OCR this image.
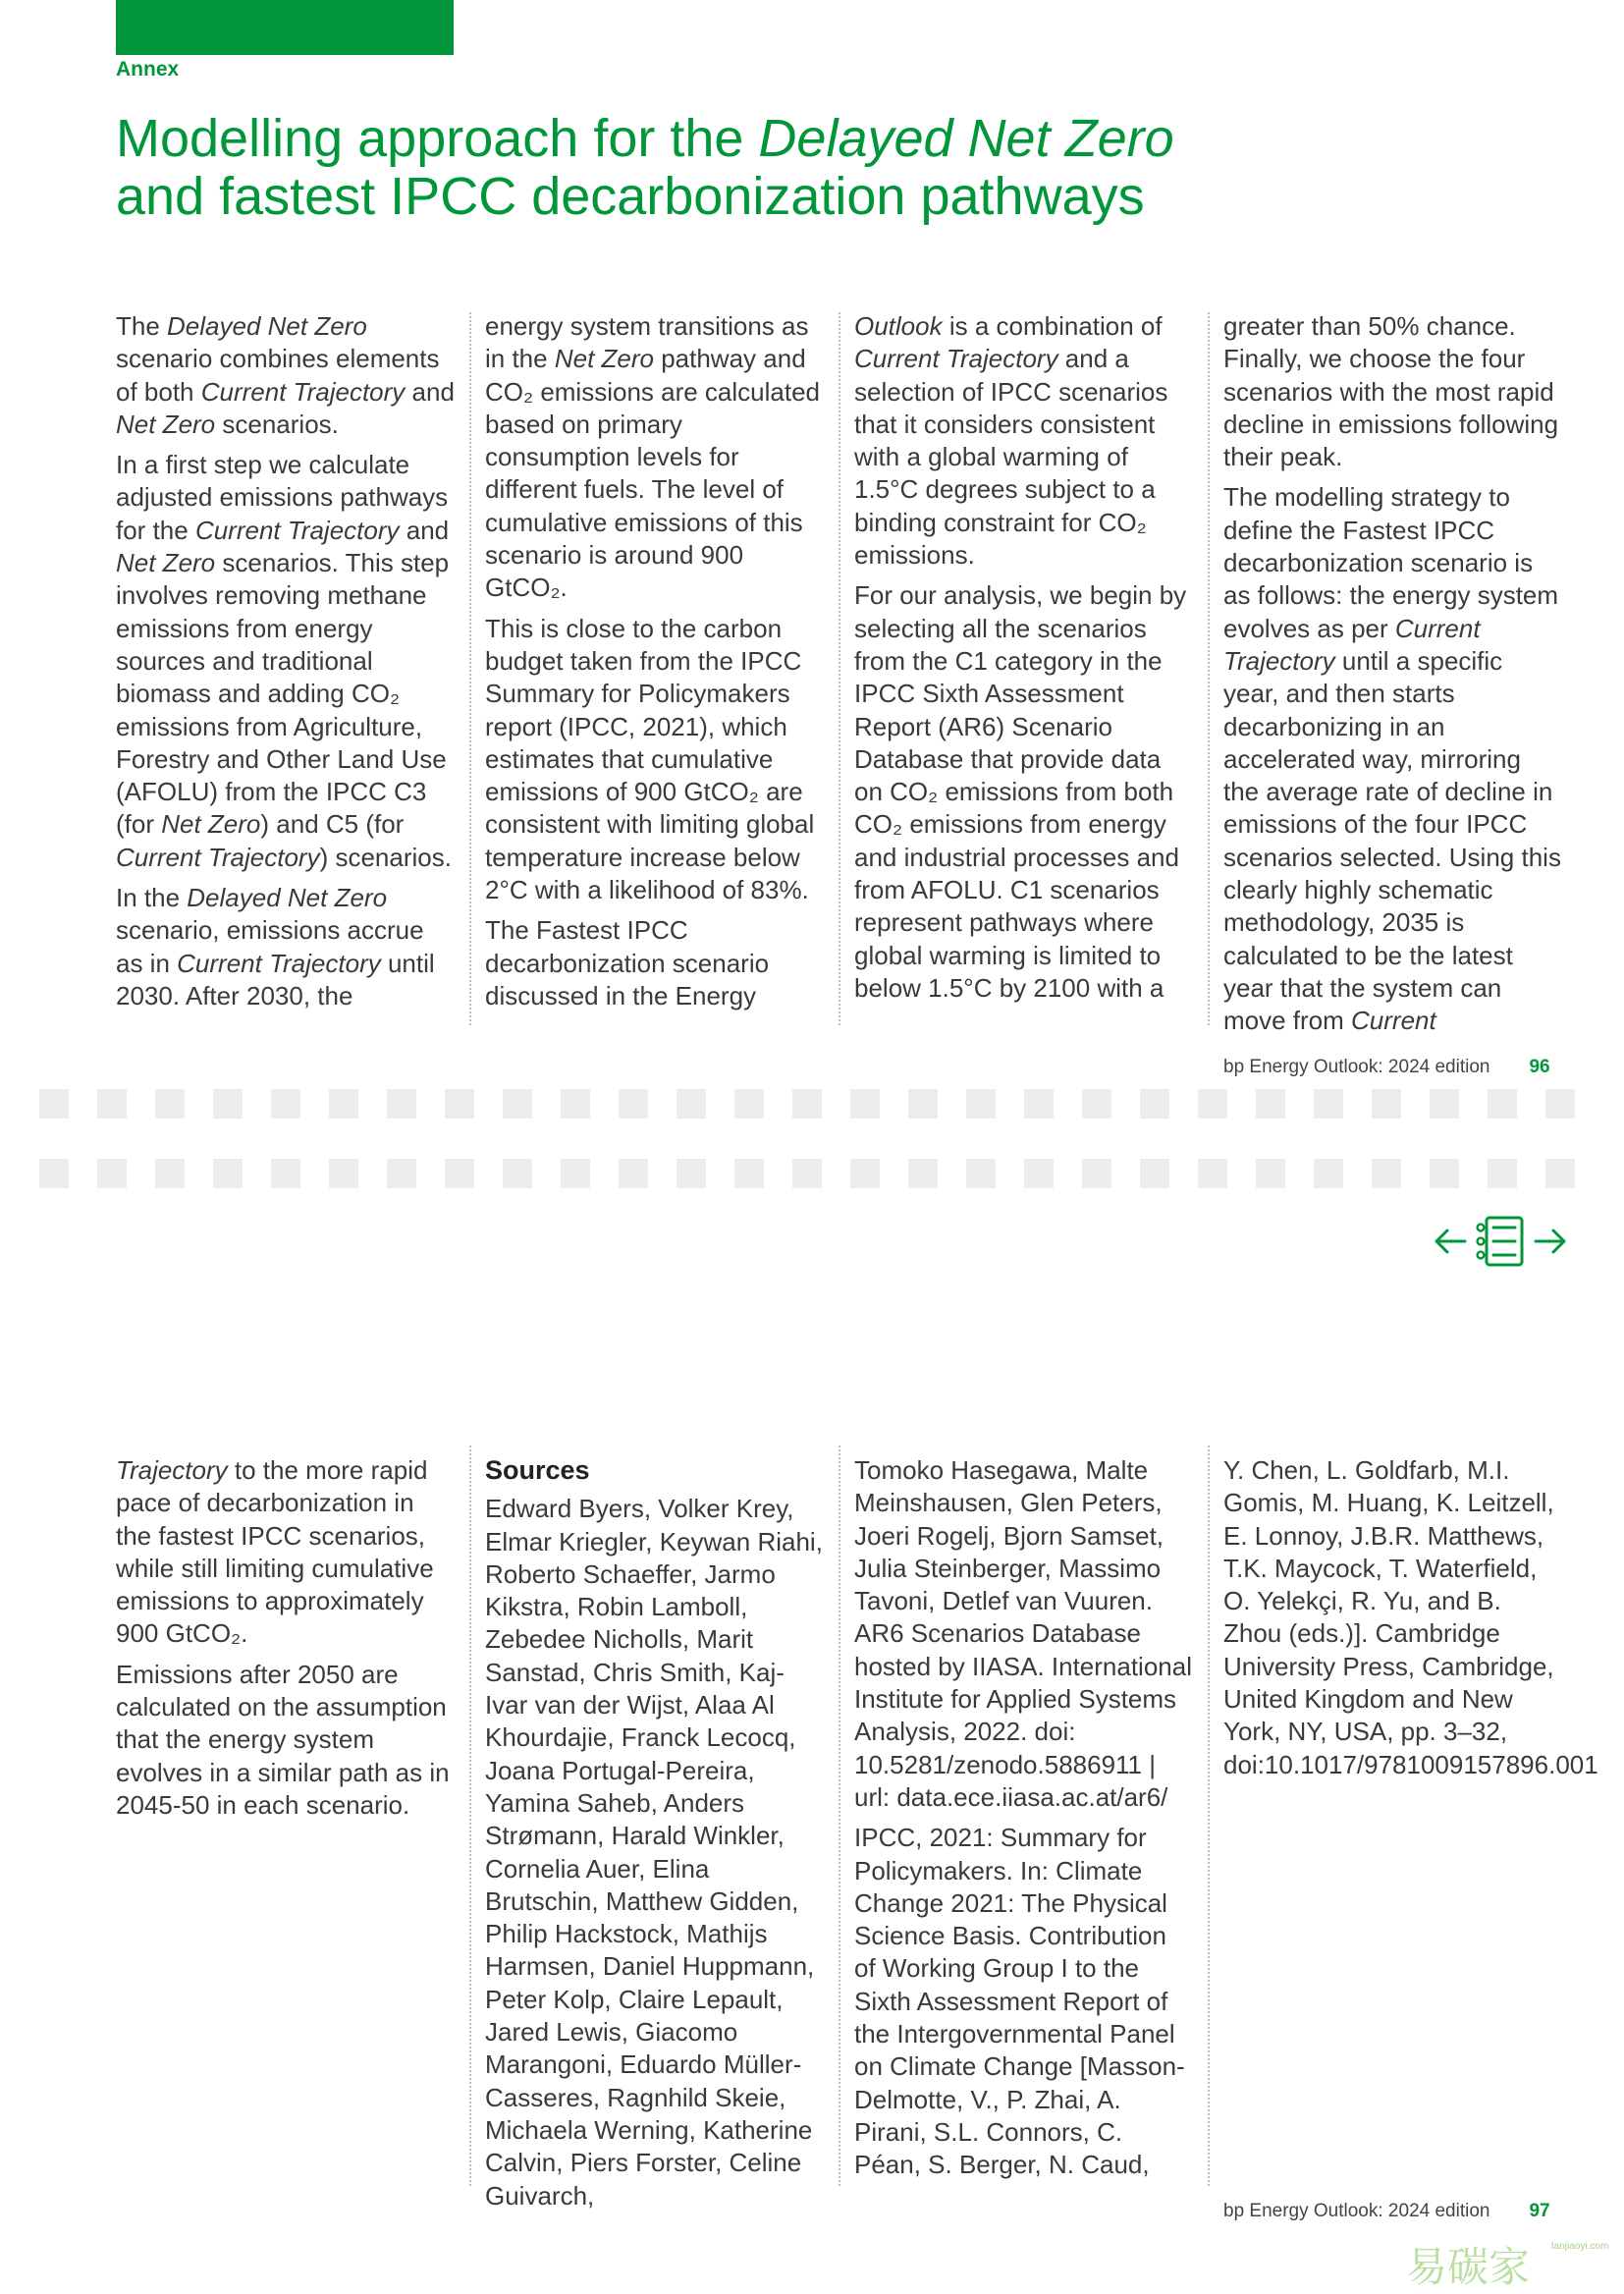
Annex
Modelling approach for the Delayed Net Zero
and fastest IPCC decarbonization pathways

The Delayed Net Zero scenario combines elements of both Current Trajectory and Net Zero scenarios.

In a first step we calculate adjusted emissions pathways for the Current Trajectory and Net Zero scenarios. This step involves removing methane emissions from energy sources and traditional biomass and adding CO₂ emissions from Agriculture, Forestry and Other Land Use (AFOLU) from the IPCC C3 (for Net Zero) and C5 (for Current Trajectory) scenarios.

In the Delayed Net Zero scenario, emissions accrue as in Current Trajectory until 2030. After 2030, the

energy system transitions as in the Net Zero pathway and CO₂ emissions are calculated based on primary consumption levels for different fuels. The level of cumulative emissions of this scenario is around 900 GtCO₂.

This is close to the carbon budget taken from the IPCC Summary for Policymakers report (IPCC, 2021), which estimates that cumulative emissions of 900 GtCO₂ are consistent with limiting global temperature increase below 2°C with a likelihood of 83%.

The Fastest IPCC decarbonization scenario discussed in the Energy

Outlook is a combination of Current Trajectory and a selection of IPCC scenarios that it considers consistent with a global warming of 1.5°C degrees subject to a binding constraint for CO₂ emissions.

For our analysis, we begin by selecting all the scenarios from the C1 category in the IPCC Sixth Assessment Report (AR6) Scenario Database that provide data on CO₂ emissions from both CO₂ emissions from energy and industrial processes and from AFOLU. C1 scenarios represent pathways where global warming is limited to below 1.5°C by 2100 with a

greater than 50% chance. Finally, we choose the four scenarios with the most rapid decline in emissions following their peak.

The modelling strategy to define the Fastest IPCC decarbonization scenario is as follows: the energy system evolves as per Current Trajectory until a specific year, and then starts decarbonizing in an accelerated way, mirroring the average rate of decline in emissions of the four IPCC scenarios selected. Using this clearly highly schematic methodology, 2035 is calculated to be the latest year that the system can move from Current

bp Energy Outlook: 2024 edition 96

Trajectory to the more rapid pace of decarbonization in the fastest IPCC scenarios, while still limiting cumulative emissions to approximately 900 GtCO₂.

Emissions after 2050 are calculated on the assumption that the energy system evolves in a similar path as in 2045-50 in each scenario.

Sources

Edward Byers, Volker Krey, Elmar Kriegler, Keywan Riahi, Roberto Schaeffer, Jarmo Kikstra, Robin Lamboll, Zebedee Nicholls, Marit Sanstad, Chris Smith, Kaj-Ivar van der Wijst, Alaa Al Khourdajie, Franck Lecocq, Joana Portugal-Pereira, Yamina Saheb, Anders Strømann, Harald Winkler, Cornelia Auer, Elina Brutschin, Matthew Gidden, Philip Hackstock, Mathijs Harmsen, Daniel Huppmann, Peter Kolp, Claire Lepault, Jared Lewis, Giacomo Marangoni, Eduardo Müller-Casseres, Ragnhild Skeie, Michaela Werning, Katherine Calvin, Piers Forster, Celine Guivarch,

Tomoko Hasegawa, Malte Meinshausen, Glen Peters, Joeri Rogelj, Bjorn Samset, Julia Steinberger, Massimo Tavoni, Detlef van Vuuren. AR6 Scenarios Database hosted by IIASA. International Institute for Applied Systems Analysis, 2022. doi: 10.5281/zenodo.5886911 | url: data.ece.iiasa.ac.at/ar6/

IPCC, 2021: Summary for Policymakers. In: Climate Change 2021: The Physical Science Basis. Contribution of Working Group I to the Sixth Assessment Report of the Intergovernmental Panel on Climate Change [Masson-Delmotte, V., P. Zhai, A. Pirani, S.L. Connors, C. Péan, S. Berger, N. Caud,

Y. Chen, L. Goldfarb, M.I. Gomis, M. Huang, K. Leitzell, E. Lonnoy, J.B.R. Matthews, T.K. Maycock, T. Waterfield, O. Yelekçi, R. Yu, and B. Zhou (eds.)]. Cambridge University Press, Cambridge, United Kingdom and New York, NY, USA, pp. 3–32, doi:10.1017/9781009157896.001

bp Energy Outlook: 2024 edition 97
易碳家 tanjiaoyi.com
